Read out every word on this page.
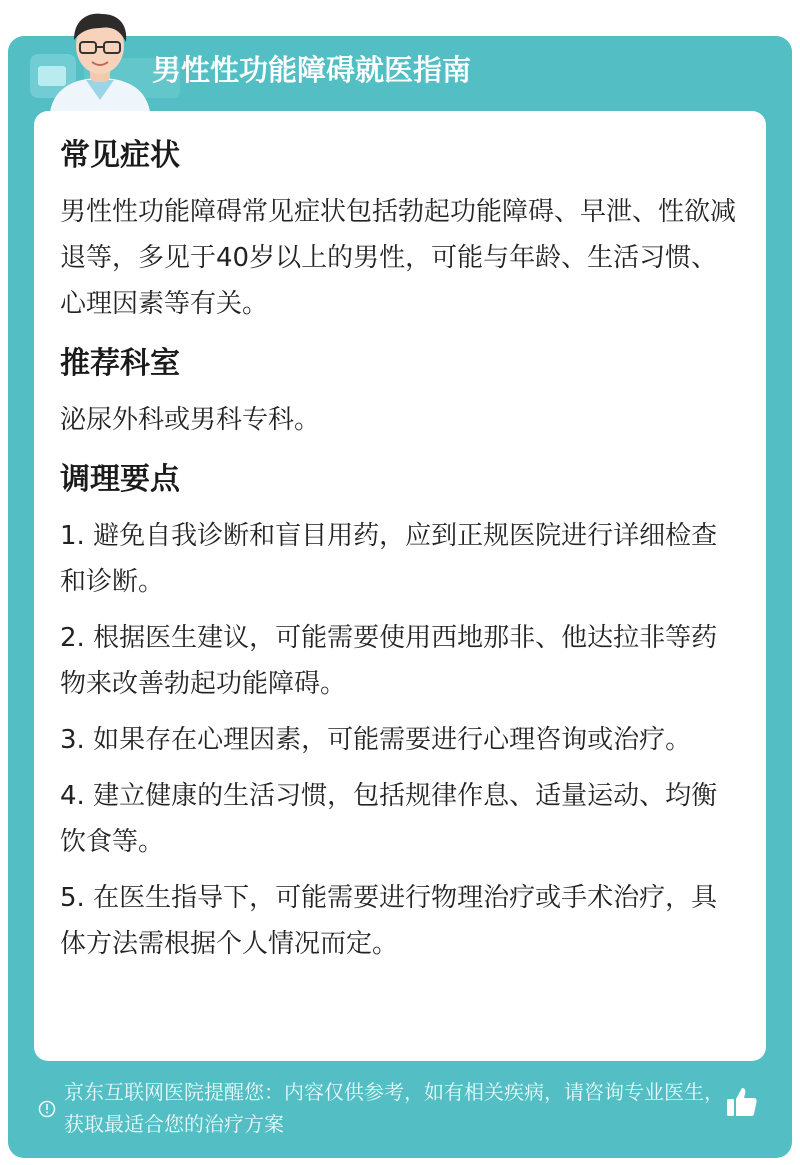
男性性功能障碍就医指南
常见症状

男性性功能障碍常见症状包括勃起功能障碍、早泄、性欲减退等，多见于40岁以上的男性，可能与年龄、生活习惯、心理因素等有关。

推荐科室

泌尿外科或男科专科。

调理要点

1. 避免自我诊断和盲目用药，应到正规医院进行详细检查和诊断。

2. 根据医生建议，可能需要使用西地那非、他达拉非等药物来改善勃起功能障碍。

3. 如果存在心理因素，可能需要进行心理咨询或治疗。

4. 建立健康的生活习惯，包括规律作息、适量运动、均衡饮食等。

5. 在医生指导下，可能需要进行物理治疗或手术治疗，具体方法需根据个人情况而定。

京东互联网医院提醒您：内容仅供参考，如有相关疾病，请咨询专业医生，获取最适合您的治疗方案
